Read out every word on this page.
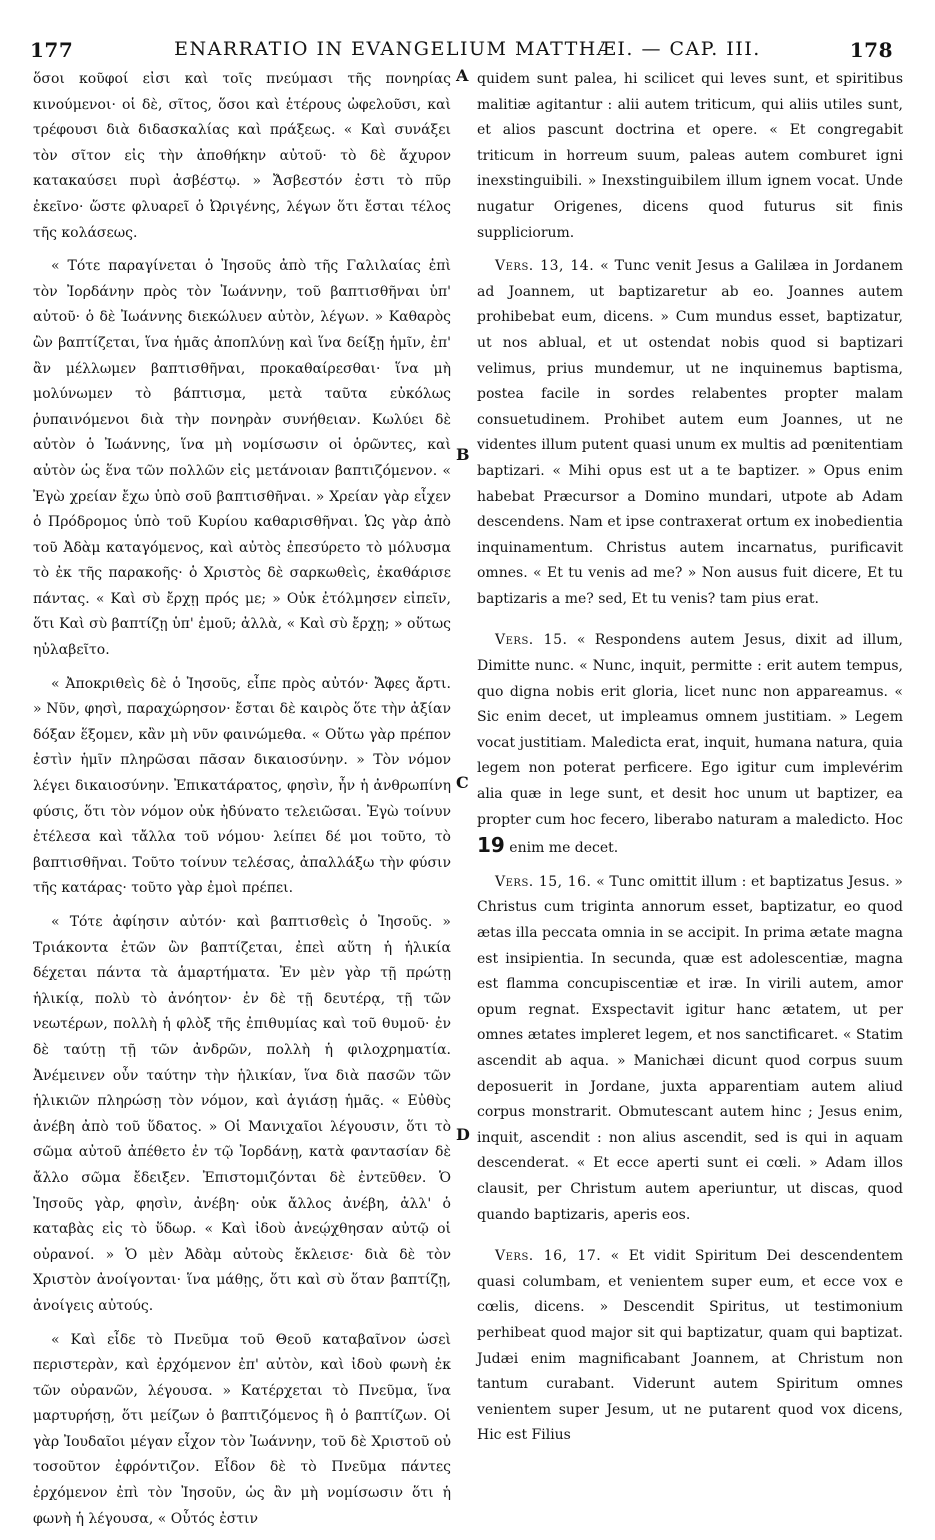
177	ENARRATIO IN EVANGELIUM MATTHÆI. — CAP. III.	178

ὅσοι κοῦφοί εἰσι καὶ τοῖς πνεύμασι τῆς πονηρίας κινούμενοι· οἱ δὲ, σῖτος, ὅσοι καὶ ἑτέρους ὠφελοῦσι, καὶ τρέφουσι διὰ διδασκαλίας καὶ πράξεως. « Καὶ συνάξει τὸν σῖτον εἰς τὴν ἀποθήκην αὐτοῦ· τὸ δὲ ἄχυρον κατακαύσει πυρὶ ἀσβέστῳ. » Ἄσβεστόν ἐστι τὸ πῦρ ἐκεῖνο· ὥστε φλυαρεῖ ὁ Ὠριγένης, λέγων ὅτι ἔσται τέλος τῆς κολάσεως.

« Τότε παραγίνεται ὁ Ἰησοῦς ἀπὸ τῆς Γαλιλαίας ἐπὶ τὸν Ἰορδάνην πρὸς τὸν Ἰωάννην, τοῦ βαπτισθῆναι ὑπ' αὐτοῦ· ὁ δὲ Ἰωάννης διεκώλυεν αὐτὸν, λέγων. » Καθαρὸς ὢν βαπτίζεται, ἵνα ἡμᾶς ἀποπλύνῃ καὶ ἵνα δείξῃ ἡμῖν, ἐπ' ἂν μέλλωμεν βαπτισθῆναι, προκαθαίρεσθαι· ἵνα μὴ μολύνωμεν τὸ βάπτισμα, μετὰ ταῦτα εὐκόλως ῥυπαινόμενοι διὰ τὴν πονηρὰν συνήθειαν. Κωλύει δὲ αὐτὸν ὁ Ἰωάννης, ἵνα μὴ νομίσωσιν οἱ ὁρῶντες, καὶ αὐτὸν ὡς ἕνα τῶν πολλῶν εἰς μετάνοιαν βαπτιζόμενον. « Ἐγὼ χρείαν ἔχω ὑπὸ σοῦ βαπτισθῆναι. » Χρείαν γὰρ εἶχεν ὁ Πρόδρομος ὑπὸ τοῦ Κυρίου καθαρισθῆναι. Ὡς γὰρ ἀπὸ τοῦ Ἀδὰμ καταγόμενος, καὶ αὐτὸς ἐπεσύρετο τὸ μόλυσμα τὸ ἐκ τῆς παρακοῆς· ὁ Χριστὸς δὲ σαρκωθεὶς, ἐκαθάρισε πάντας. « Καὶ σὺ ἔρχῃ πρός με; » Οὐκ ἐτόλμησεν εἰπεῖν, ὅτι Καὶ σὺ βαπτίζῃ ὑπ' ἐμοῦ; ἀλλὰ, « Καὶ σὺ ἔρχῃ; » οὕτως ηὐλαβεῖτο.

« Ἀποκριθεὶς δὲ ὁ Ἰησοῦς, εἶπε πρὸς αὐτόν· Ἄφες ἄρτι. » Νῦν, φησὶ, παραχώρησον· ἔσται δὲ καιρὸς ὅτε τὴν ἀξίαν δόξαν ἕξομεν, κἂν μὴ νῦν φαινώμεθα. « Οὕτω γὰρ πρέπον ἐστὶν ἡμῖν πληρῶσαι πᾶσαν δικαιοσύνην. » Τὸν νόμον λέγει δικαιοσύνην. Ἐπικατάρατος, φησὶν, ἦν ἡ ἀνθρωπίνη φύσις, ὅτι τὸν νόμον οὐκ ἠδύνατο τελειῶσαι. Ἐγὼ τοίνυν ἐτέλεσα καὶ τἄλλα τοῦ νόμου· λείπει δέ μοι τοῦτο, τὸ βαπτισθῆναι. Τοῦτο τοίνυν τελέσας, ἀπαλλάξω τὴν φύσιν τῆς κατάρας· τοῦτο γὰρ ἐμοὶ πρέπει.

« Τότε ἀφίησιν αὐτόν· καὶ βαπτισθεὶς ὁ Ἰησοῦς. » Τριάκοντα ἐτῶν ὢν βαπτίζεται, ἐπεὶ αὕτη ἡ ἡλικία δέχεται πάντα τὰ ἁμαρτήματα. Ἐν μὲν γὰρ τῇ πρώτῃ ἡλικίᾳ, πολὺ τὸ ἀνόητον· ἐν δὲ τῇ δευτέρᾳ, τῇ τῶν νεωτέρων, πολλὴ ἡ φλὸξ τῆς ἐπιθυμίας καὶ τοῦ θυμοῦ· ἐν δὲ ταύτῃ τῇ τῶν ἀνδρῶν, πολλὴ ἡ φιλοχρηματία. Ἀνέμεινεν οὖν ταύτην τὴν ἡλικίαν, ἵνα διὰ πασῶν τῶν ἡλικιῶν πληρώσῃ τὸν νόμον, καὶ ἁγιάσῃ ἡμᾶς. « Εὐθὺς ἀνέβη ἀπὸ τοῦ ὕδατος. » Οἱ Μανιχαῖοι λέγουσιν, ὅτι τὸ σῶμα αὐτοῦ ἀπέθετο ἐν τῷ Ἰορδάνῃ, κατὰ φαντασίαν δὲ ἄλλο σῶμα ἔδειξεν. Ἐπιστομιζόνται δὲ ἐντεῦθεν. Ὁ Ἰησοῦς γὰρ, φησὶν, ἀνέβη· οὐκ ἄλλος ἀνέβη, ἀλλ' ὁ καταβὰς εἰς τὸ ὕδωρ. « Καὶ ἰδοὺ ἀνεῴχθησαν αὐτῷ οἱ οὐρανοί. » Ὁ μὲν Ἀδὰμ αὐτοὺς ἔκλεισε· διὰ δὲ τὸν Χριστὸν ἀνοίγονται· ἵνα μάθῃς, ὅτι καὶ σὺ ὅταν βαπτίζῃ, ἀνοίγεις αὐτούς.

« Καὶ εἶδε τὸ Πνεῦμα τοῦ Θεοῦ καταβαῖνον ὡσεὶ περιστερὰν, καὶ ἐρχόμενον ἐπ' αὐτὸν, καὶ ἰδοὺ φωνὴ ἐκ τῶν οὐρανῶν, λέγουσα. » Κατέρχεται τὸ Πνεῦμα, ἵνα μαρτυρήσῃ, ὅτι μείζων ὁ βαπτιζόμενος ἢ ὁ βαπτίζων. Οἱ γὰρ Ἰουδαῖοι μέγαν εἶχον τὸν Ἰωάννην, τοῦ δὲ Χριστοῦ οὐ τοσοῦτον ἐφρόντιζον. Εἶδον δὲ τὸ Πνεῦμα πάντες ἐρχόμενον ἐπὶ τὸν Ἰησοῦν, ὡς ἂν μὴ νομίσωσιν ὅτι ἡ φωνὴ ἡ λέγουσα, « Οὗτός ἐστιν

A
B
C
D

quidem sunt palea, hi scilicet qui leves sunt, et spiritibus malitiæ agitantur : alii autem triticum, qui aliis utiles sunt, et alios pascunt doctrina et opere. « Et congregabit triticum in horreum suum, paleas autem comburet igni inexstinguibili. » Inexstinguibilem illum ignem vocat. Unde nugatur Origenes, dicens quod futurus sit finis suppliciorum.

Vers. 13, 14. « Tunc venit Jesus a Galilæa in Jordanem ad Joannem, ut baptizaretur ab eo. Joannes autem prohibebat eum, dicens. » Cum mundus esset, baptizatur, ut nos ablual, et ut ostendat nobis quod si baptizari velimus, prius mundemur, ut ne inquinemus baptisma, postea facile in sordes relabentes propter malam consuetudinem. Prohibet autem eum Joannes, ut ne videntes illum putent quasi unum ex multis ad pœnitentiam baptizari. « Mihi opus est ut a te baptizer. » Opus enim habebat Præcursor a Domino mundari, utpote ab Adam descendens. Nam et ipse contraxerat ortum ex inobedientia inquinamentum. Christus autem incarnatus, purificavit omnes. « Et tu venis ad me? » Non ausus fuit dicere, Et tu baptizaris a me? sed, Et tu venis? tam pius erat.

Vers. 15. « Respondens autem Jesus, dixit ad illum, Dimitte nunc. « Nunc, inquit, permitte : erit autem tempus, quo digna nobis erit gloria, licet nunc non appareamus. « Sic enim decet, ut impleamus omnem justitiam. » Legem vocat justitiam. Maledicta erat, inquit, humana natura, quia legem non poterat perficere. Ego igitur cum implevérim alia quæ in lege sunt, et desit hoc unum ut baptizer, ea propter cum hoc fecero, liberabo naturam a maledicto. Hoc 19 enim me decet.

Vers. 15, 16. « Tunc omittit illum : et baptizatus Jesus. » Christus cum triginta annorum esset, baptizatur, eo quod ætas illa peccata omnia in se accipit. In prima ætate magna est insipientia. In secunda, quæ est adolescentiæ, magna est flamma concupiscentiæ et iræ. In virili autem, amor opum regnat. Exspectavit igitur hanc ætatem, ut per omnes ætates impleret legem, et nos sanctificaret. « Statim ascendit ab aqua. » Manichæi dicunt quod corpus suum deposuerit in Jordane, juxta apparentiam autem aliud corpus monstrarit. Obmutescant autem hinc ; Jesus enim, inquit, ascendit : non alius ascendit, sed is qui in aquam descenderat. « Et ecce aperti sunt ei cœli. » Adam illos clausit, per Christum autem aperiuntur, ut discas, quod quando baptizaris, aperis eos.

Vers. 16, 17. « Et vidit Spiritum Dei descendentem quasi columbam, et venientem super eum, et ecce vox e cœlis, dicens. » Descendit Spiritus, ut testimonium perhibeat quod major sit qui baptizatur, quam qui baptizat. Judæi enim magnificabant Joannem, at Christum non tantum curabant. Viderunt autem Spiritum omnes venientem super Jesum, ut ne putarent quod vox dicens, Hic est Filius
